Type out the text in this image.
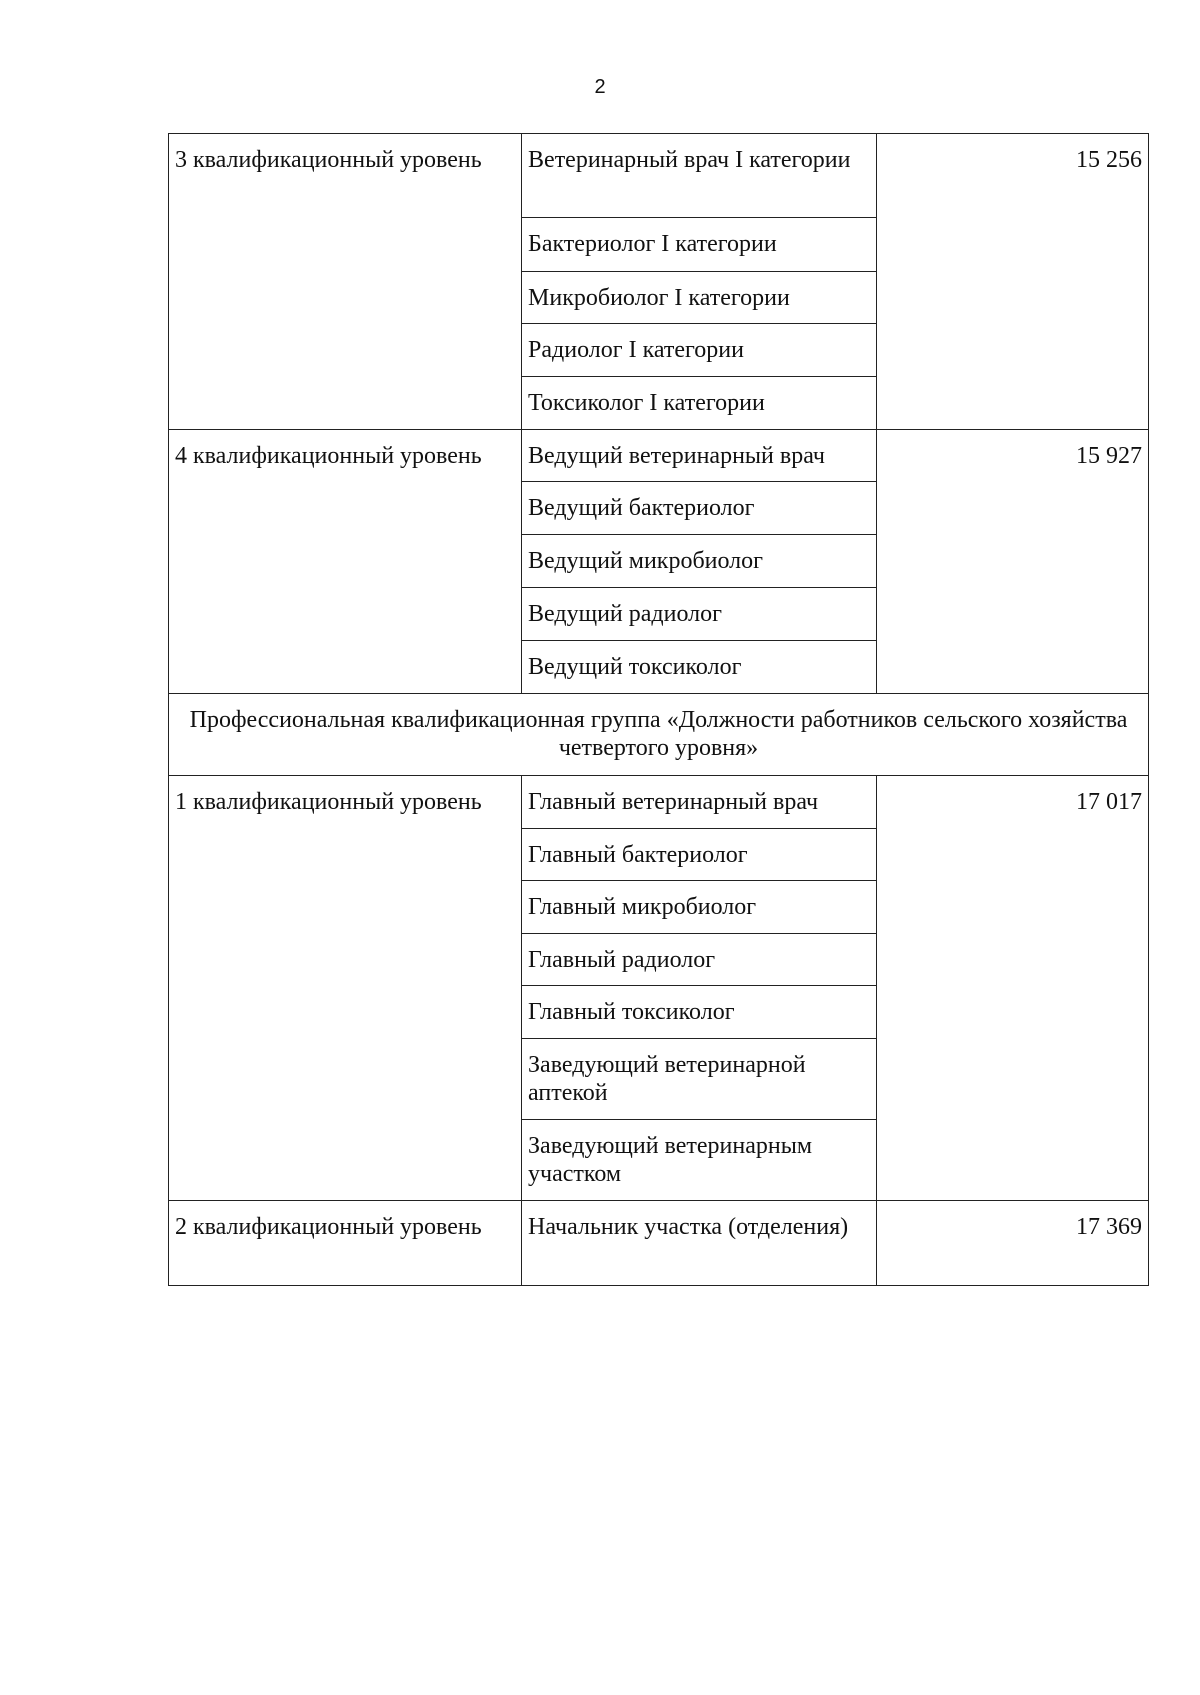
2
3 квалификационный уровень	Ветеринарный врач I категории	15 256
	Бактериолог I категории	
	Микробиолог I категории	
	Радиолог I категории	
	Токсиколог I категории	
4 квалификационный уровень	Ведущий ветеринарный врач	15 927
	Ведущий бактериолог	
	Ведущий микробиолог	
	Ведущий радиолог	
	Ведущий токсиколог	
Профессиональная квалификационная группа «Должности работников сельского хозяйства четвертого уровня»		
1 квалификационный уровень	Главный ветеринарный врач	17 017
	Главный бактериолог	
	Главный микробиолог	
	Главный радиолог	
	Главный токсиколог	
	Заведующий ветеринарной аптекой	
	Заведующий ветеринарным участком	
2 квалификационный уровень	Начальник участка (отделения)	17 369
